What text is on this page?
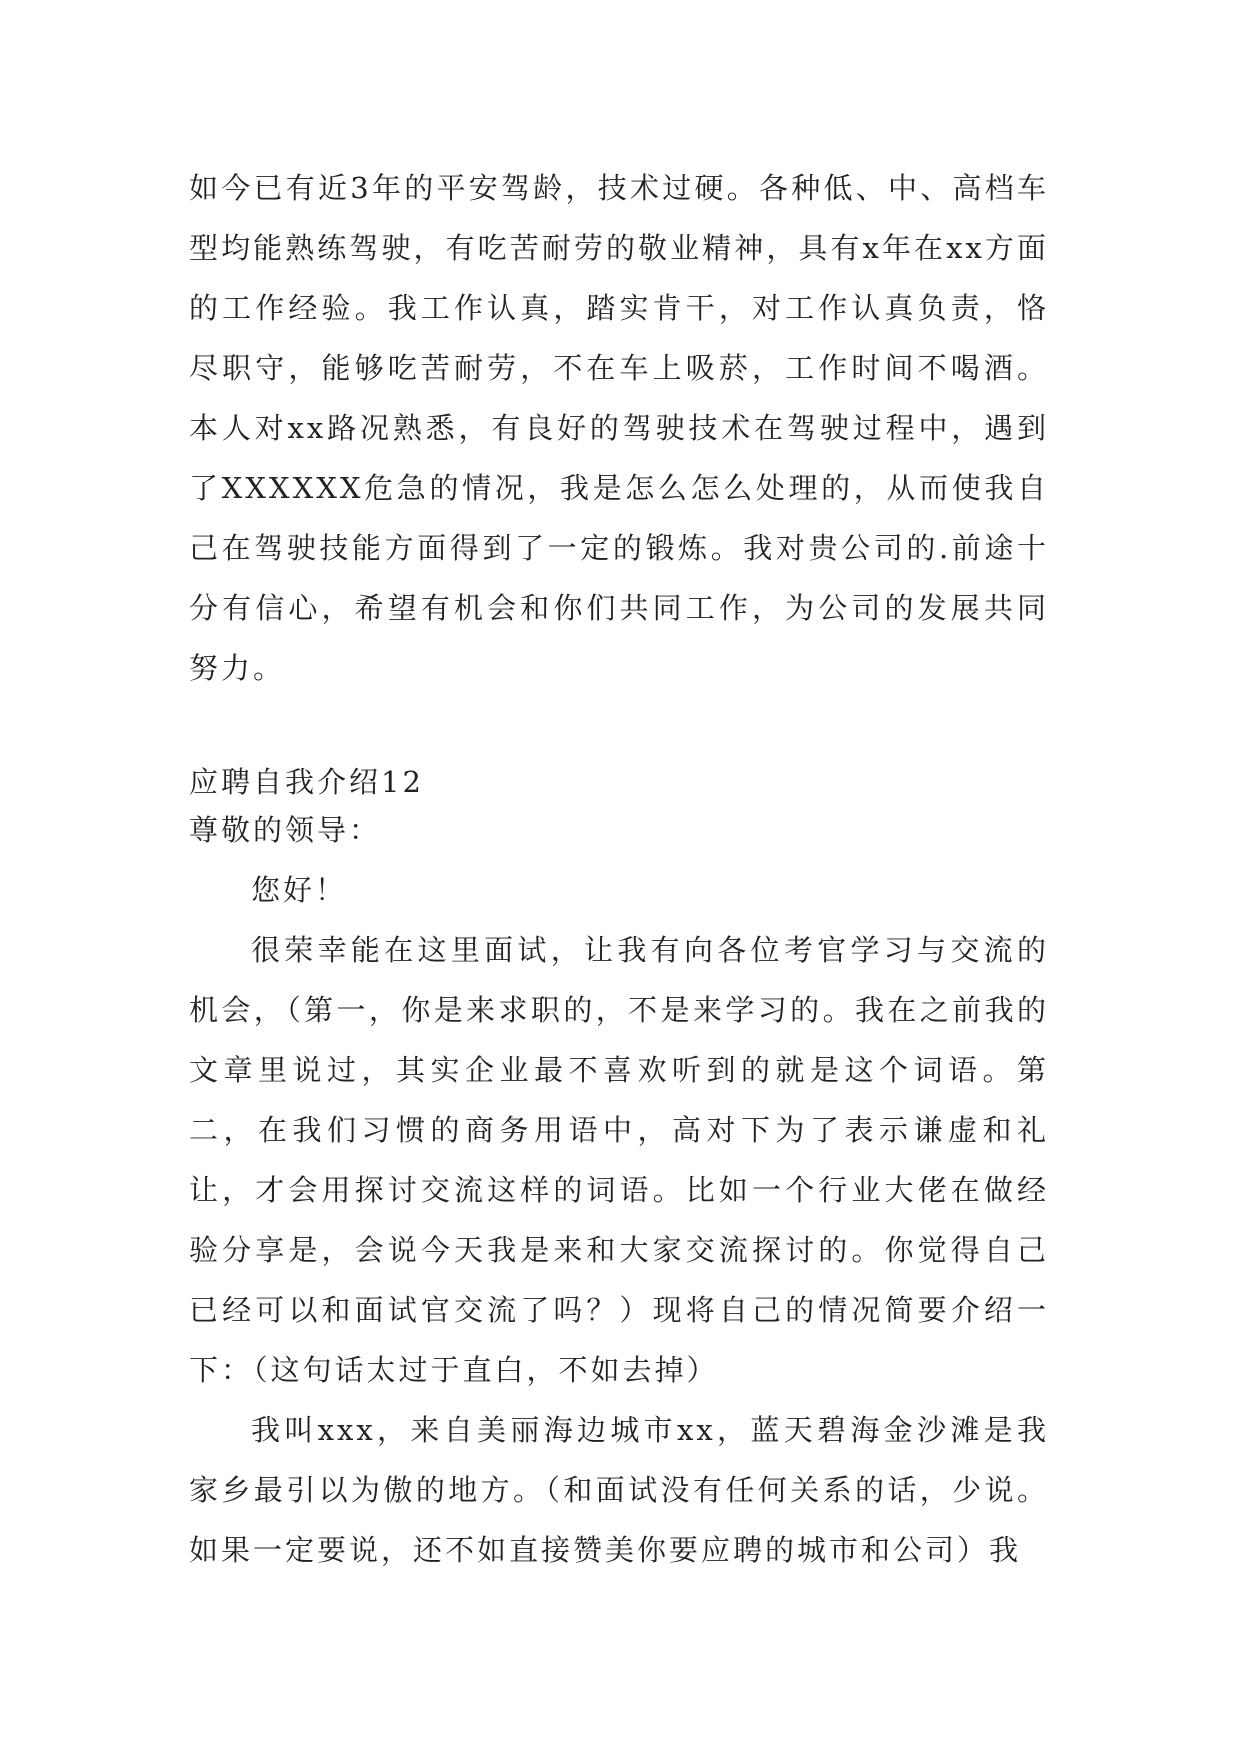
如今已有近3年的平安驾龄，技术过硬。各种低、中、高档车型均能熟练驾驶，有吃苦耐劳的敬业精神，具有x年在xx方面的工作经验。我工作认真，踏实肯干，对工作认真负责，恪尽职守，能够吃苦耐劳，不在车上吸菸，工作时间不喝酒。本人对xx路况熟悉，有良好的驾驶技术在驾驶过程中，遇到了XXXXXX危急的情况，我是怎么怎么处理的，从而使我自己在驾驶技能方面得到了一定的锻炼。我对贵公司的.前途十分有信心，希望有机会和你们共同工作，为公司的发展共同努力。

应聘自我介绍12

尊敬的领导：

您好！

很荣幸能在这里面试，让我有向各位考官学习与交流的机会，（第一，你是来求职的，不是来学习的。我在之前我的文章里说过，其实企业最不喜欢听到的就是这个词语。第二，在我们习惯的商务用语中，高对下为了表示谦虚和礼让，才会用探讨交流这样的词语。比如一个行业大佬在做经验分享是，会说今天我是来和大家交流探讨的。你觉得自己已经可以和面试官交流了吗？）现将自己的情况简要介绍一下：（这句话太过于直白，不如去掉）

我叫xxx，来自美丽海边城市xx，蓝天碧海金沙滩是我家乡最引以为傲的地方。（和面试没有任何关系的话，少说。如果一定要说，还不如直接赞美你要应聘的城市和公司）我
